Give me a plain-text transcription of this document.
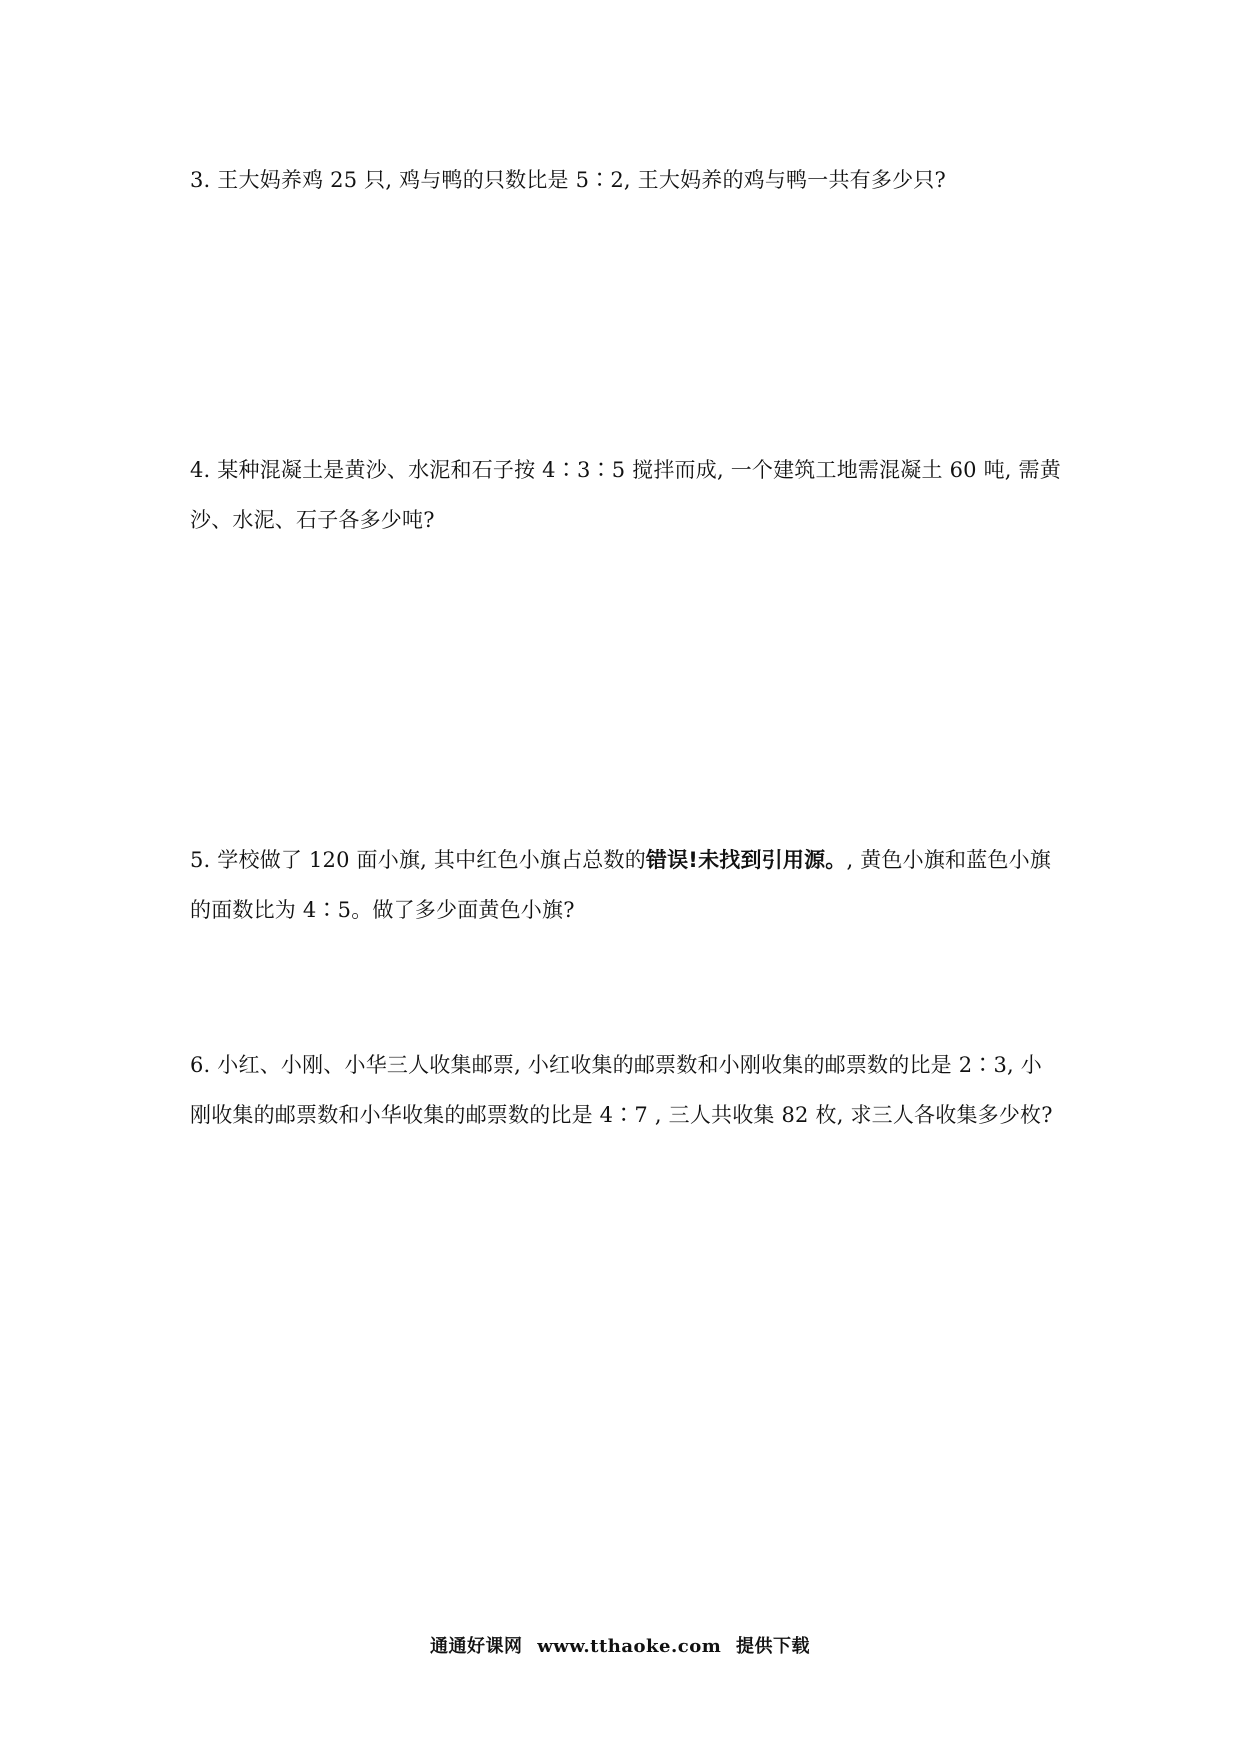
3. 王大妈养鸡 25 只, 鸡与鸭的只数比是 5∶2, 王大妈养的鸡与鸭一共有多少只?
4. 某种混凝土是黄沙、水泥和石子按 4∶3∶5 搅拌而成, 一个建筑工地需混凝土 60 吨, 需黄
沙、水泥、石子各多少吨?
5. 学校做了 120 面小旗, 其中红色小旗占总数的错误!未找到引用源。, 黄色小旗和蓝色小旗
的面数比为 4∶5。做了多少面黄色小旗?
6. 小红、小刚、小华三人收集邮票, 小红收集的邮票数和小刚收集的邮票数的比是 2∶3, 小
刚收集的邮票数和小华收集的邮票数的比是 4∶7 , 三人共收集 82 枚, 求三人各收集多少枚?
通通好课网 www.tthaoke.com 提供下载
